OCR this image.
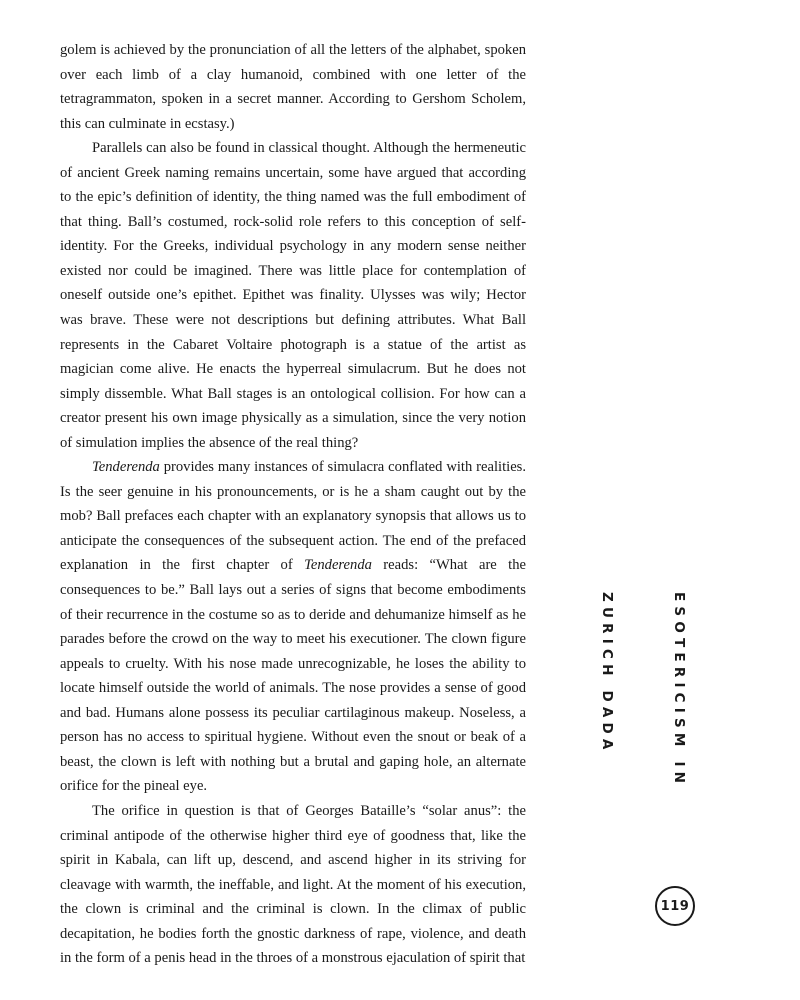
golem is achieved by the pronunciation of all the letters of the alphabet, spoken over each limb of a clay humanoid, combined with one letter of the tetragrammaton, spoken in a secret manner. According to Gershom Scholem, this can culminate in ecstasy.)

Parallels can also be found in classical thought. Although the hermeneutic of ancient Greek naming remains uncertain, some have argued that according to the epic’s definition of identity, the thing named was the full embodiment of that thing. Ball’s costumed, rock-solid role refers to this conception of self-identity. For the Greeks, individual psychology in any modern sense neither existed nor could be imagined. There was little place for contemplation of oneself outside one’s epithet. Epithet was finality. Ulysses was wily; Hector was brave. These were not descriptions but defining attributes. What Ball represents in the Cabaret Voltaire photograph is a statue of the artist as magician come alive. He enacts the hyperreal simulacrum. But he does not simply dissemble. What Ball stages is an ontological collision. For how can a creator present his own image physically as a simulation, since the very notion of simulation implies the absence of the real thing?

Tenderenda provides many instances of simulacra conflated with realities. Is the seer genuine in his pronouncements, or is he a sham caught out by the mob? Ball prefaces each chapter with an explanatory synopsis that allows us to anticipate the consequences of the subsequent action. The end of the prefaced explanation in the first chapter of Tenderenda reads: “What are the consequences to be.” Ball lays out a series of signs that become embodiments of their recurrence in the costume so as to deride and dehumanize himself as he parades before the crowd on the way to meet his executioner. The clown figure appeals to cruelty. With his nose made unrecognizable, he loses the ability to locate himself outside the world of animals. The nose provides a sense of good and bad. Humans alone possess its peculiar cartilaginous makeup. Noseless, a person has no access to spiritual hygiene. Without even the snout or beak of a beast, the clown is left with nothing but a brutal and gaping hole, an alternate orifice for the pineal eye.

The orifice in question is that of Georges Bataille’s “solar anus”: the criminal antipode of the otherwise higher third eye of goodness that, like the spirit in Kabala, can lift up, descend, and ascend higher in its striving for cleavage with warmth, the ineffable, and light. At the moment of his execution, the clown is criminal and the criminal is clown. In the climax of public decapitation, he bodies forth the gnostic darkness of rape, violence, and death in the form of a penis head in the throes of a monstrous ejaculation of spirit that

ESOTERICISM IN ZURICH DADA
119
